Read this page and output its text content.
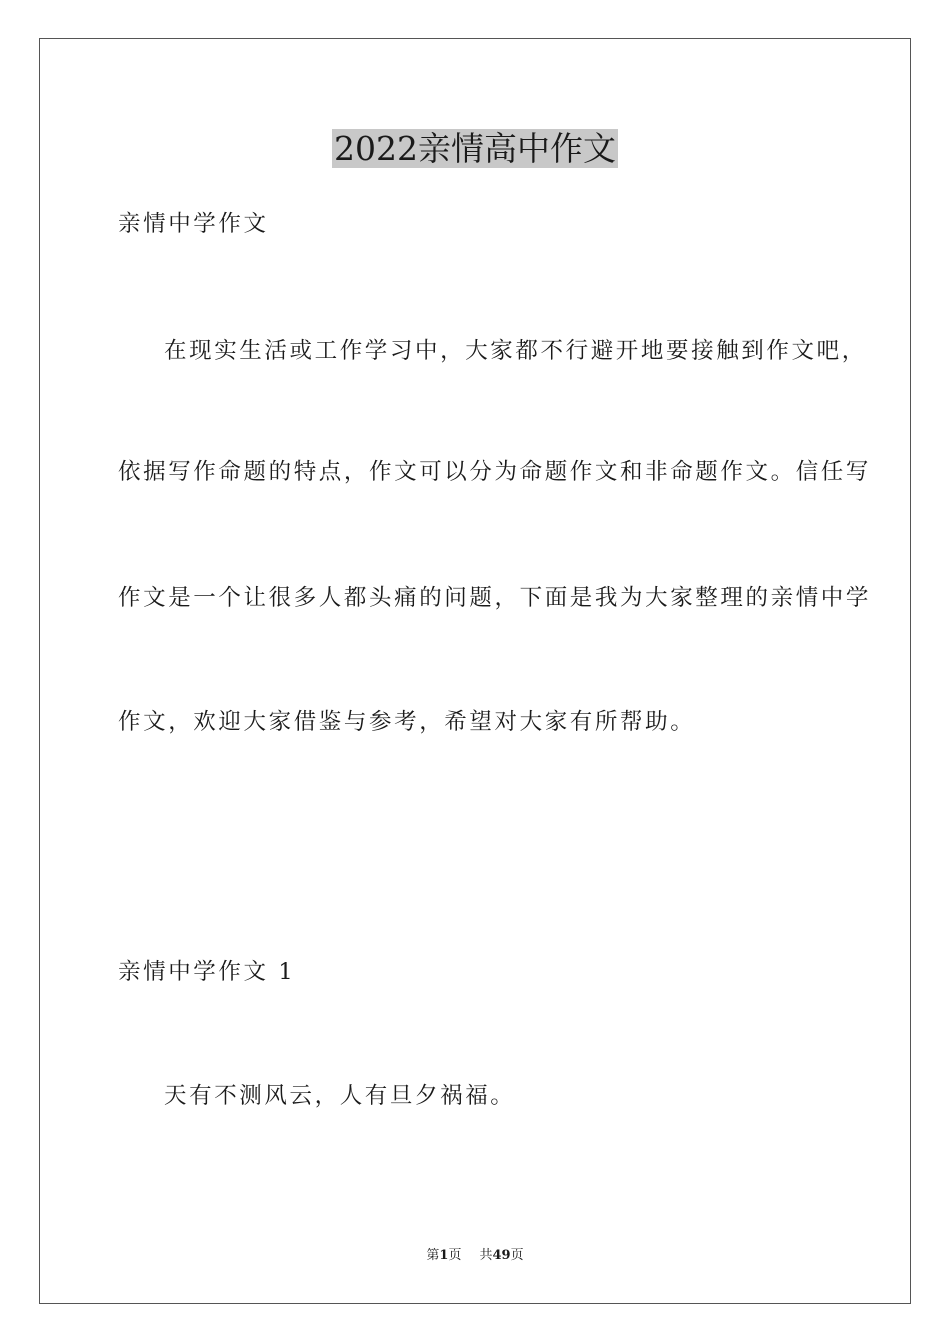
2022亲情高中作文
亲情中学作文
在现实生活或工作学习中，大家都不行避开地要接触到作文吧，
依据写作命题的特点，作文可以分为命题作文和非命题作文。信任写
作文是一个让很多人都头痛的问题，下面是我为大家整理的亲情中学
作文，欢迎大家借鉴与参考，希望对大家有所帮助。
亲情中学作文 1
天有不测风云，人有旦夕祸福。
第1页 共49页
